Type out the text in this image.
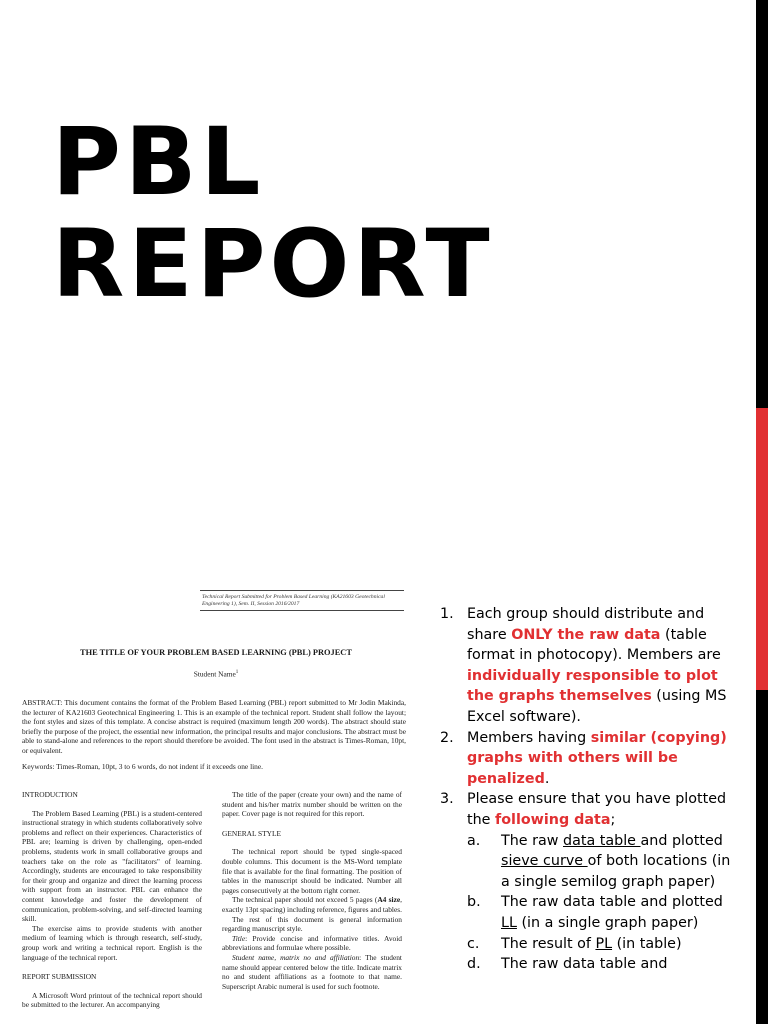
PBL
REPORT
Technical Report Submitted for Problem Based Learning (KA21603 Geotechnical Engineering 1), Sem. II, Session 2016/2017
THE TITLE OF YOUR PROBLEM BASED LEARNING (PBL) PROJECT
Student Name$^1$
ABSTRACT: This document contains the format of the Problem Based Learning (PBL) report submitted to Mr Jodin Makinda, the lecturer of KA21603 Geotechnical Engineering 1. This is an example of the technical report. Student shall follow the layout; the font styles and sizes of this template. A concise abstract is required (maximum length 200 words). The abstract should state briefly the purpose of the project, the essential new information, the principal results and major conclusions. The abstract must be able to stand-alone and references to the report should therefore be avoided. The font used in the abstract is Times-Roman, 10pt, or equivalent.
Keywords: Times-Roman, 10pt, 3 to 6 words, do not indent if it exceeds one line.

INTRODUCTION

The Problem Based Learning (PBL) is a student-centered instructional strategy in which students collaboratively solve problems and reflect on their experiences. Characteristics of PBL are; learning is driven by challenging, open-ended problems, students work in small collaborative groups and teachers take on the role as "facilitators" of learning. Accordingly, students are encouraged to take responsibility for their group and organize and direct the learning process with support from an instructor. PBL can enhance the content knowledge and foster the development of communication, problem-solving, and self-directed learning skill.

The exercise aims to provide students with another medium of learning which is through research, self-study, group work and writing a technical report. English is the language of the technical report.

REPORT SUBMISSION

A Microsoft Word printout of the technical report should be submitted to the lecturer. An accompanying

The title of the paper (create your own) and the name of student and his/her matrix number should be written on the paper. Cover page is not required for this report.

GENERAL STYLE

The technical report should be typed single-spaced double columns. This document is the MS-Word template file that is available for the final formatting. The position of tables in the manuscript should be indicated. Number all pages consecutively at the bottom right corner.

The technical paper should not exceed 5 pages (A4 size, exactly 13pt spacing) including reference, figures and tables.

The rest of this document is general information regarding manuscript style.

Title: Provide concise and informative titles. Avoid abbreviations and formulae where possible.

Student name, matrix no and affiliation: The student name should appear centered below the title. Indicate matrix no and student affiliations as a footnote to that name. Superscript Arabic numeral is used for such footnote.

1. Each group should distribute and share ONLY the raw data (table format in photocopy). Members are individually responsible to plot the graphs themselves (using MS Excel software).
2. Members having similar (copying) graphs with others will be penalized.
3. Please ensure that you have plotted the following data;
a.	The raw data table and plotted sieve curve of both locations (in a single semilog graph paper)
b.	The raw data table and plotted LL (in a single graph paper)
c.	The result of PL (in table)
d.	The raw data table and
